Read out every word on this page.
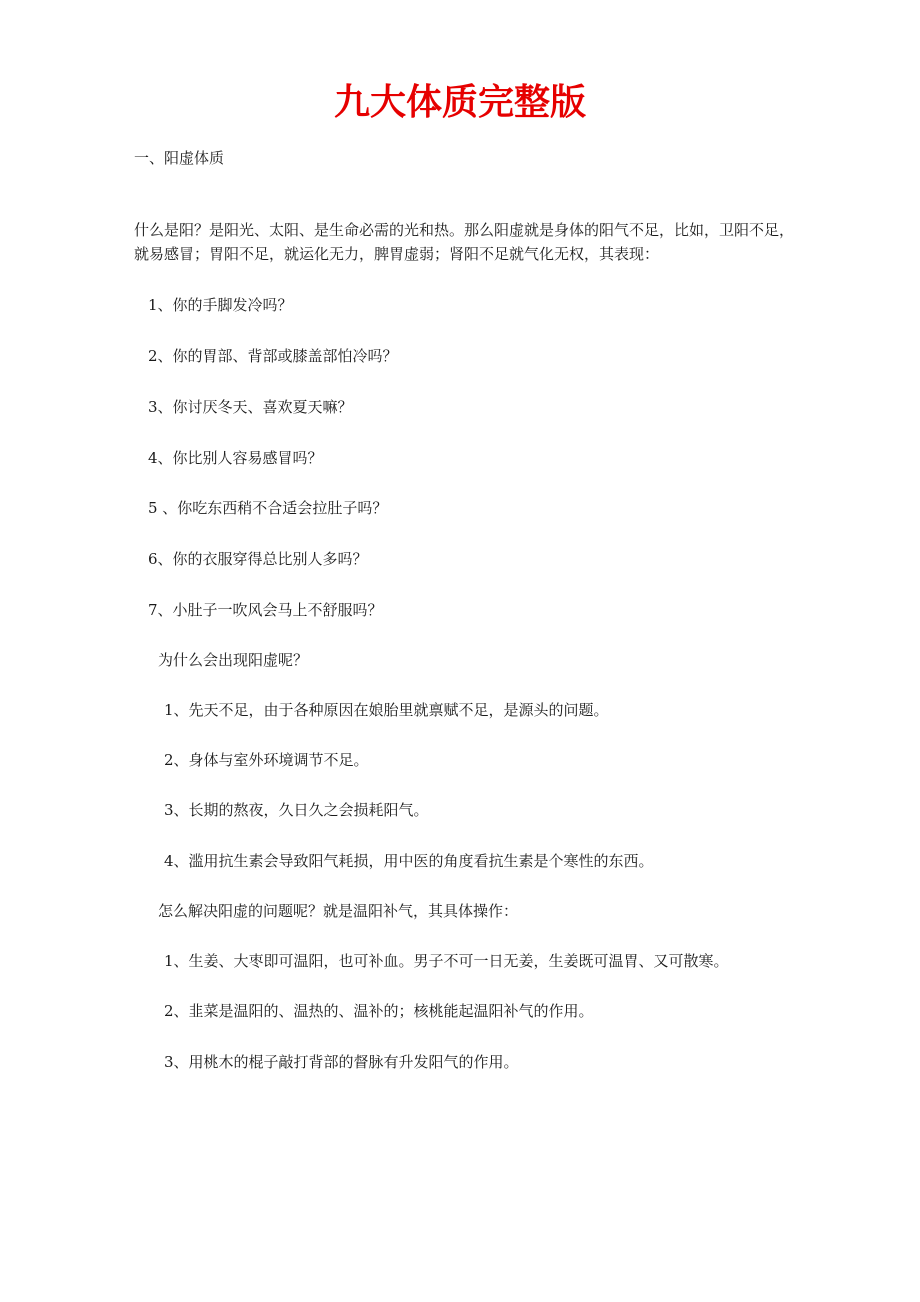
九大体质完整版

一、阳虚体质

什么是阳？是阳光、太阳、是生命必需的光和热。那么阳虚就是身体的阳气不足，比如，卫阳不足，就易感冒；胃阳不足，就运化无力，脾胃虚弱；肾阳不足就气化无权，其表现：

1、你的手脚发冷吗？

2、你的胃部、背部或膝盖部怕冷吗？

3、你讨厌冬天、喜欢夏天嘛？

4、你比别人容易感冒吗？

5 、你吃东西稍不合适会拉肚子吗？

6、你的衣服穿得总比别人多吗？

7、小肚子一吹风会马上不舒服吗？

为什么会出现阳虚呢？

1、先天不足，由于各种原因在娘胎里就禀赋不足，是源头的问题。

2、身体与室外环境调节不足。

3、长期的熬夜，久日久之会损耗阳气。

4、滥用抗生素会导致阳气耗损，用中医的角度看抗生素是个寒性的东西。

怎么解决阳虚的问题呢？就是温阳补气，其具体操作：

1、生姜、大枣即可温阳，也可补血。男子不可一日无姜，生姜既可温胃、又可散寒。

2、韭菜是温阳的、温热的、温补的；核桃能起温阳补气的作用。

3、用桃木的棍子敲打背部的督脉有升发阳气的作用。
